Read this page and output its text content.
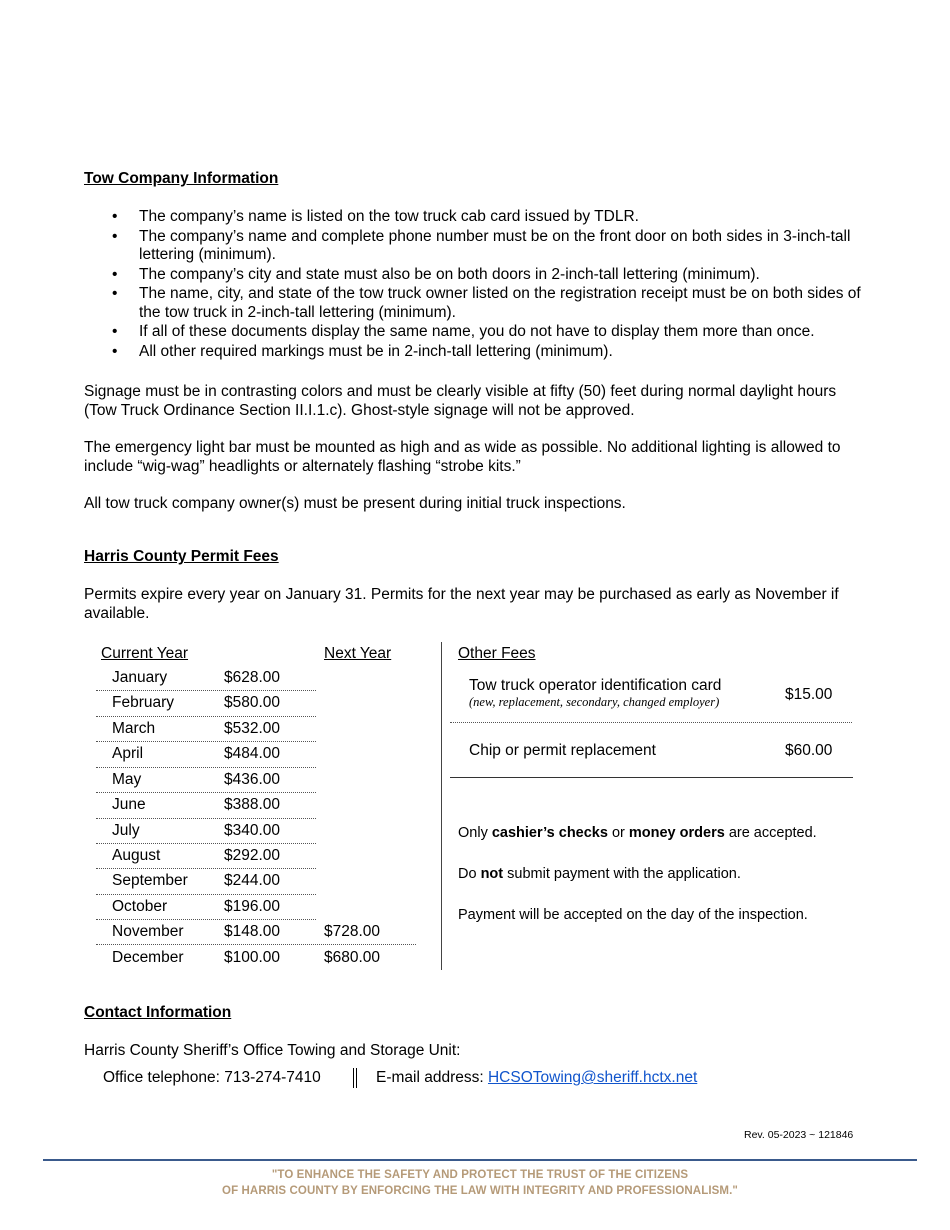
Tow Company Information
• The company’s name is listed on the tow truck cab card issued by TDLR.
• The company’s name and complete phone number must be on the front door on both sides in 3-inch-tall lettering (minimum).
• The company’s city and state must also be on both doors in 2-inch-tall lettering (minimum).
• The name, city, and state of the tow truck owner listed on the registration receipt must be on both sides of the tow truck in 2-inch-tall lettering (minimum).
• If all of these documents display the same name, you do not have to display them more than once.
• All other required markings must be in 2-inch-tall lettering (minimum).
Signage must be in contrasting colors and must be clearly visible at fifty (50) feet during normal daylight hours (Tow Truck Ordinance Section II.I.1.c). Ghost-style signage will not be approved.
The emergency light bar must be mounted as high and as wide as possible. No additional lighting is allowed to include “wig-wag” headlights or alternately flashing “strobe kits.”
All tow truck company owner(s) must be present during initial truck inspections.
Harris County Permit Fees
Permits expire every year on January 31. Permits for the next year may be purchased as early as November if available.
Current Year	Next Year
January	$628.00
February	$580.00
March	$532.00
April	$484.00
May	$436.00
June	$388.00
July	$340.00
August	$292.00
September $244.00
October	$196.00
November	$148.00	$728.00
December	$100.00	$680.00
Other Fees
Tow truck operator identification card
(new, replacement, secondary, changed employer)	$15.00
Chip or permit replacement	$60.00
Only cashier’s checks or money orders are accepted.
Do not submit payment with the application.
Payment will be accepted on the day of the inspection.
Contact Information
Harris County Sheriff’s Office Towing and Storage Unit:
Office telephone: 713-274-7410	E-mail address: HCSOTowing@sheriff.hctx.net
Rev. 05-2023 ~ 121846
"TO ENHANCE THE SAFETY AND PROTECT THE TRUST OF THE CITIZENS
OF HARRIS COUNTY BY ENFORCING THE LAW WITH INTEGRITY AND PROFESSIONALISM."
